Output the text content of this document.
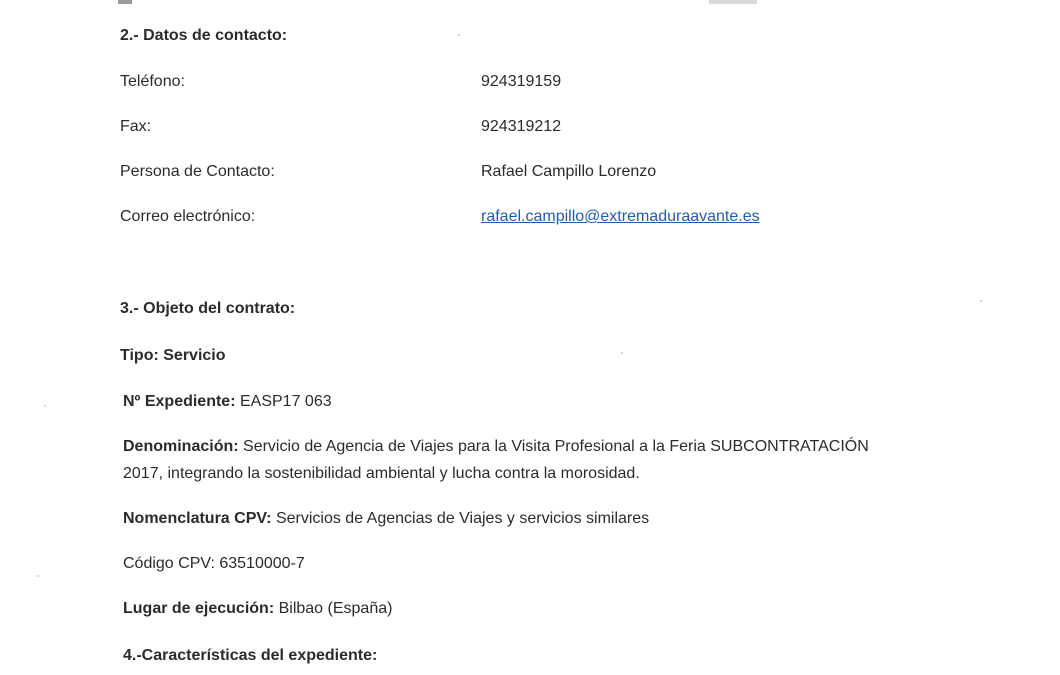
2.- Datos de contacto:
Teléfono:	924319159
Fax:	924319212
Persona de Contacto:	Rafael Campillo Lorenzo
Correo electrónico:	rafael.campillo@extremaduraavante.es
3.- Objeto del contrato:
Tipo: Servicio
Nº Expediente: EASP17 063
Denominación: Servicio de Agencia de Viajes para la Visita Profesional a la Feria SUBCONTRATACIÓN
2017, integrando la sostenibilidad ambiental y lucha contra la morosidad.
Nomenclatura CPV: Servicios de Agencias de Viajes y servicios similares
Código CPV: 63510000-7
Lugar de ejecución: Bilbao (España)
4.-Características del expediente:
